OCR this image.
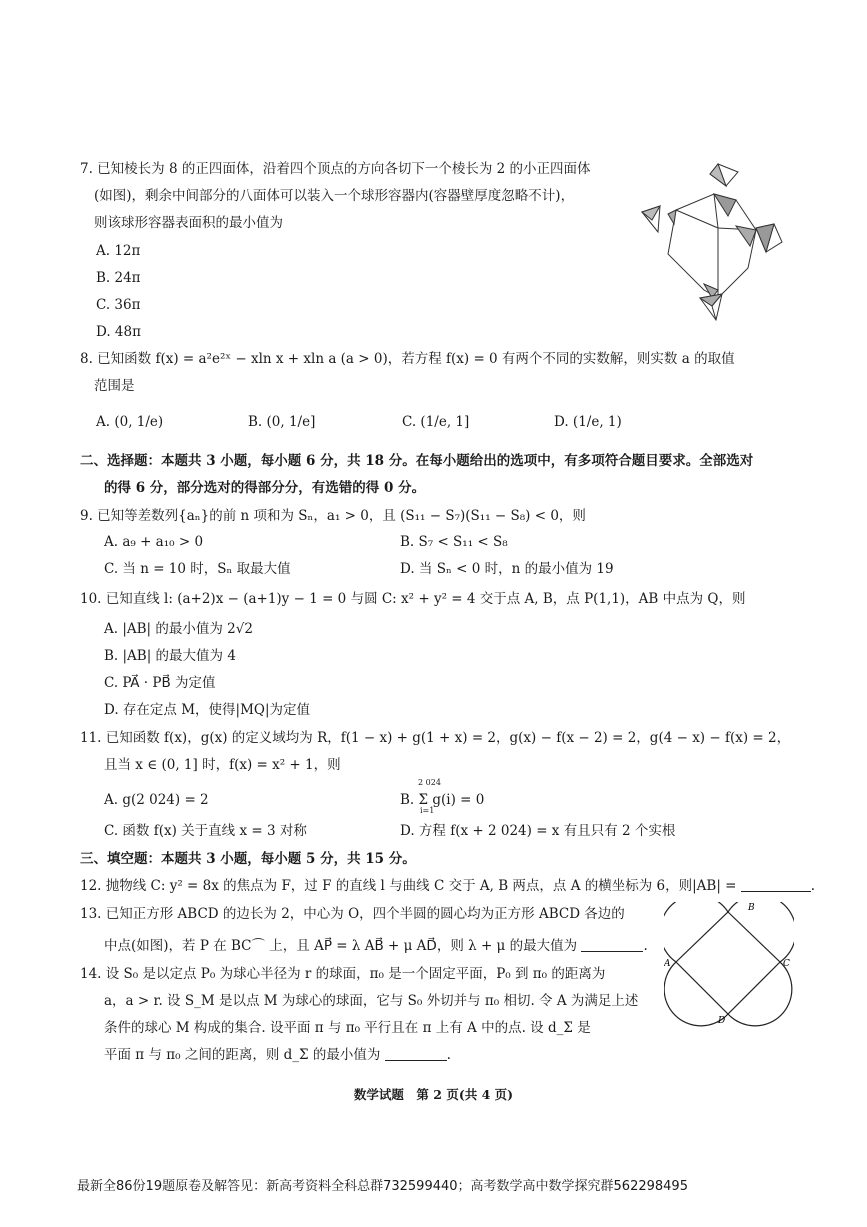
7. 已知棱长为 8 的正四面体，沿着四个顶点的方向各切下一个棱长为 2 的小正四面体
(如图)，剩余中间部分的八面体可以装入一个球形容器内(容器壁厚度忽略不计)，
则该球形容器表面积的最小值为
A. 12π
B. 24π
C. 36π
D. 48π
8. 已知函数 f(x) = a²e²ˣ − xln x + xln a (a > 0)，若方程 f(x) = 0 有两个不同的实数解，则实数 a 的取值
范围是
A. (0, 1/e)	B. (0, 1/e]	C. (1/e, 1]	D. (1/e, 1)
二、选择题：本题共 3 小题，每小题 6 分，共 18 分。在每小题给出的选项中，有多项符合题目要求。全部选对
的得 6 分，部分选对的得部分分，有选错的得 0 分。
9. 已知等差数列{aₙ}的前 n 项和为 Sₙ，a₁ > 0，且 (S₁₁ − S₇)(S₁₁ − S₈) < 0，则
A. a₉ + a₁₀ > 0	B. S₇ < S₁₁ < S₈
C. 当 n = 10 时，Sₙ 取最大值	D. 当 Sₙ < 0 时，n 的最小值为 19
10. 已知直线 l: (a+2)x − (a+1)y − 1 = 0 与圆 C: x² + y² = 4 交于点 A, B，点 P(1,1)，AB 中点为 Q，则
A. |AB| 的最小值为 2√2
B. |AB| 的最大值为 4
C. PA⃗ · PB⃗ 为定值
D. 存在定点 M，使得|MQ|为定值
11. 已知函数 f(x)，g(x) 的定义域均为 R，f(1 − x) + g(1 + x) = 2，g(x) − f(x − 2) = 2，g(4 − x) − f(x) = 2，
且当 x ∈ (0, 1] 时，f(x) = x² + 1，则
A. g(2 024) = 2	B. Σ g(i) = 0
2 024
i=1
C. 函数 f(x) 关于直线 x = 3 对称	D. 方程 f(x + 2 024) = x 有且只有 2 个实根
三、填空题：本题共 3 小题，每小题 5 分，共 15 分。
12. 抛物线 C: y² = 8x 的焦点为 F，过 F 的直线 l 与曲线 C 交于 A, B 两点，点 A 的横坐标为 6，则|AB| =	.
13. 已知正方形 ABCD 的边长为 2，中心为 O，四个半圆的圆心均为正方形 ABCD 各边的
中点(如图)，若 P 在 BC⌒ 上，且 AP⃗ = λ AB⃗ + μ AD⃗，则 λ + μ 的最大值为	.
A
B
C
D
14. 设 S₀ 是以定点 P₀ 为球心半径为 r 的球面，π₀ 是一个固定平面，P₀ 到 π₀ 的距离为
a，a > r. 设 S_M 是以点 M 为球心的球面，它与 S₀ 外切并与 π₀ 相切. 令 A 为满足上述
条件的球心 M 构成的集合. 设平面 π 与 π₀ 平行且在 π 上有 A 中的点. 设 d_Σ 是
平面 π 与 π₀ 之间的距离，则 d_Σ 的最小值为	.
数学试题　第 2 页(共 4 页)
最新全86份19题原卷及解答见：新高考资料全科总群732599440；高考数学高中数学探究群562298495
